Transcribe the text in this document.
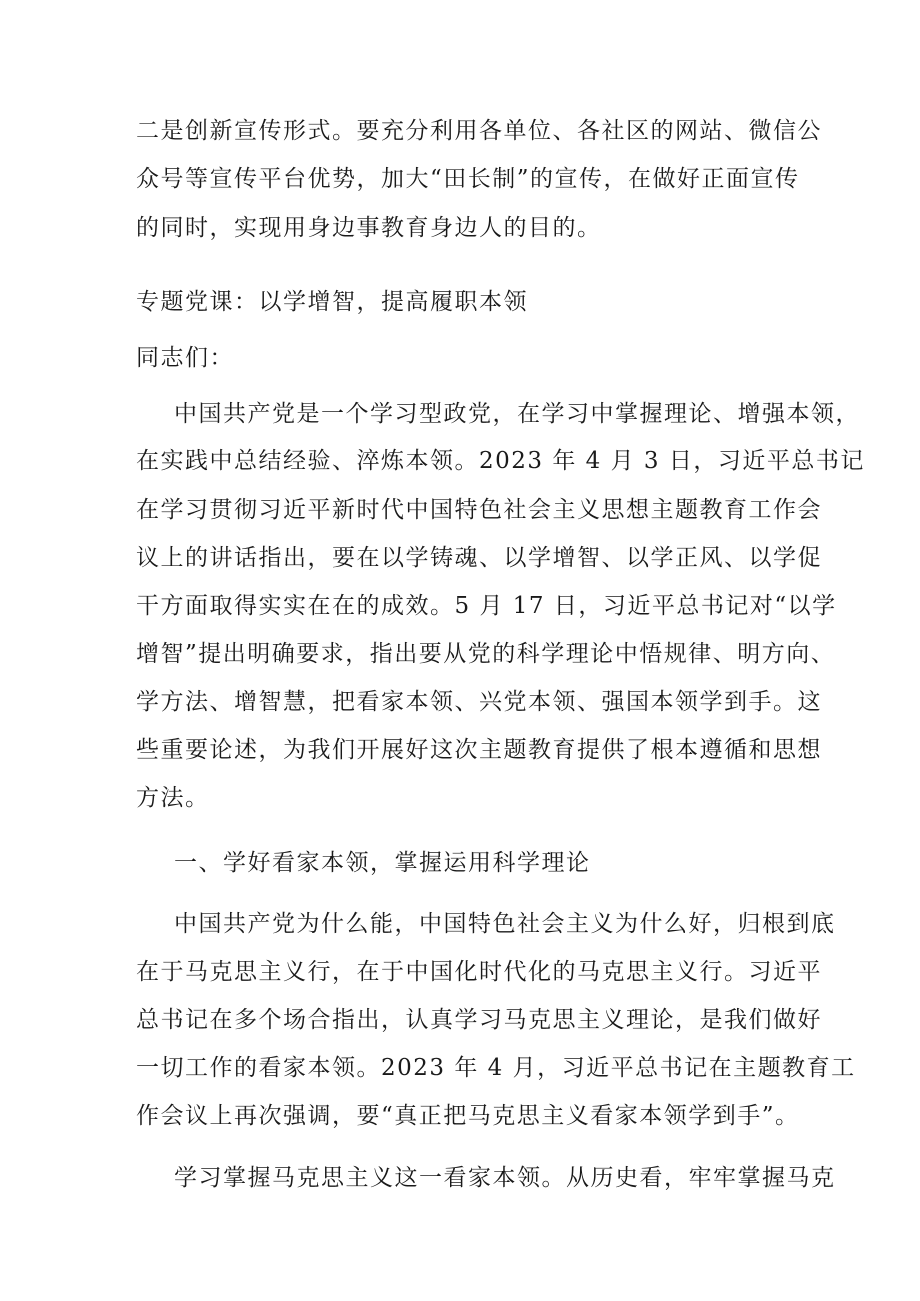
二是创新宣传形式。要充分利用各单位、各社区的网站、微信公
众号等宣传平台优势，加大“田长制”的宣传，在做好正面宣传
的同时，实现用身边事教育身边人的目的。
专题党课：以学增智，提高履职本领
同志们：
中国共产党是一个学习型政党，在学习中掌握理论、增强本领，
在实践中总结经验、淬炼本领。2023 年 4 月 3 日，习近平总书记
在学习贯彻习近平新时代中国特色社会主义思想主题教育工作会
议上的讲话指出，要在以学铸魂、以学增智、以学正风、以学促
干方面取得实实在在的成效。5 月 17 日，习近平总书记对“以学
增智”提出明确要求，指出要从党的科学理论中悟规律、明方向、
学方法、增智慧，把看家本领、兴党本领、强国本领学到手。这
些重要论述，为我们开展好这次主题教育提供了根本遵循和思想
方法。
一、学好看家本领，掌握运用科学理论
中国共产党为什么能，中国特色社会主义为什么好，归根到底
在于马克思主义行，在于中国化时代化的马克思主义行。习近平
总书记在多个场合指出，认真学习马克思主义理论，是我们做好
一切工作的看家本领。2023 年 4 月，习近平总书记在主题教育工
作会议上再次强调，要“真正把马克思主义看家本领学到手”。
学习掌握马克思主义这一看家本领。从历史看，牢牢掌握马克
